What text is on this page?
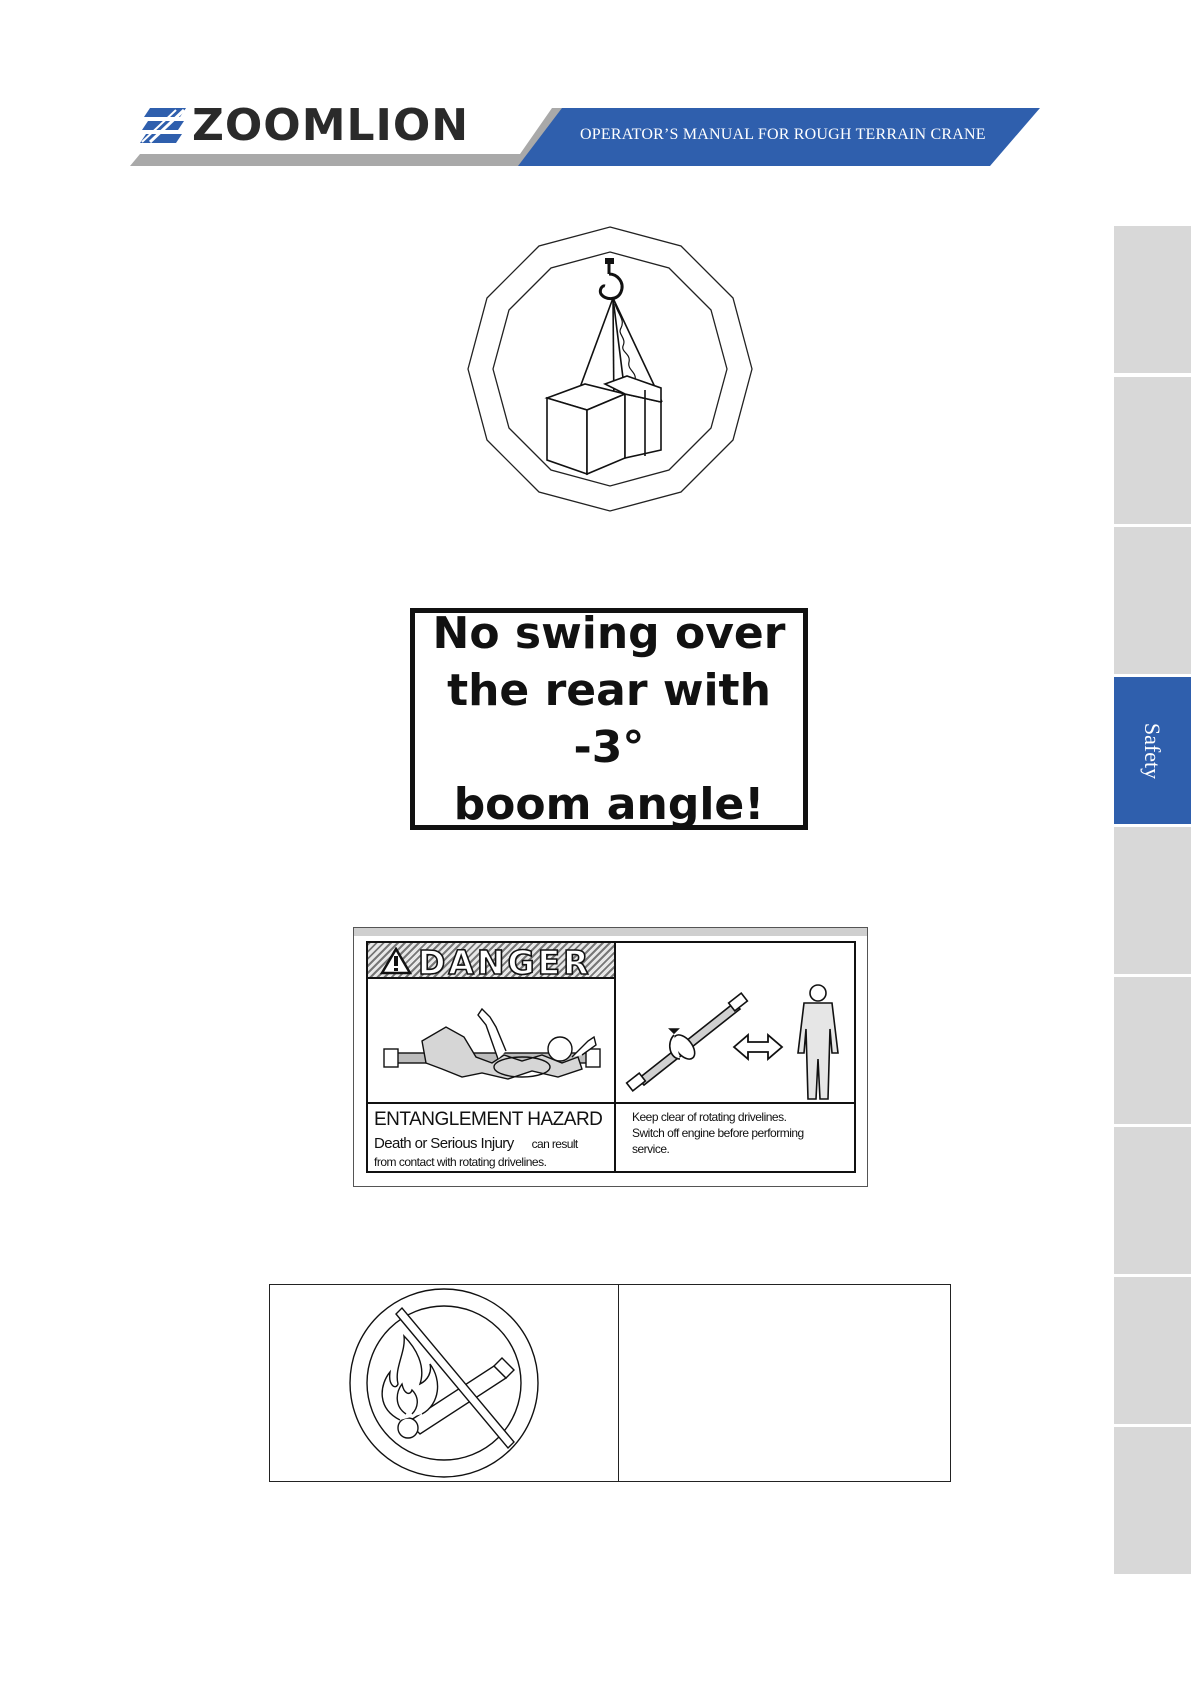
ZOOMLION	OPERATOR’S MANUAL FOR ROUGH TERRAIN CRANE
Safety
No swing over
the rear with -3°
boom angle!
DANGER
ENTANGLEMENT HAZARD
Death or Serious Injury can result
from contact with rotating drivelines.
Keep clear of rotating drivelines.
Switch off engine before performing
service.
